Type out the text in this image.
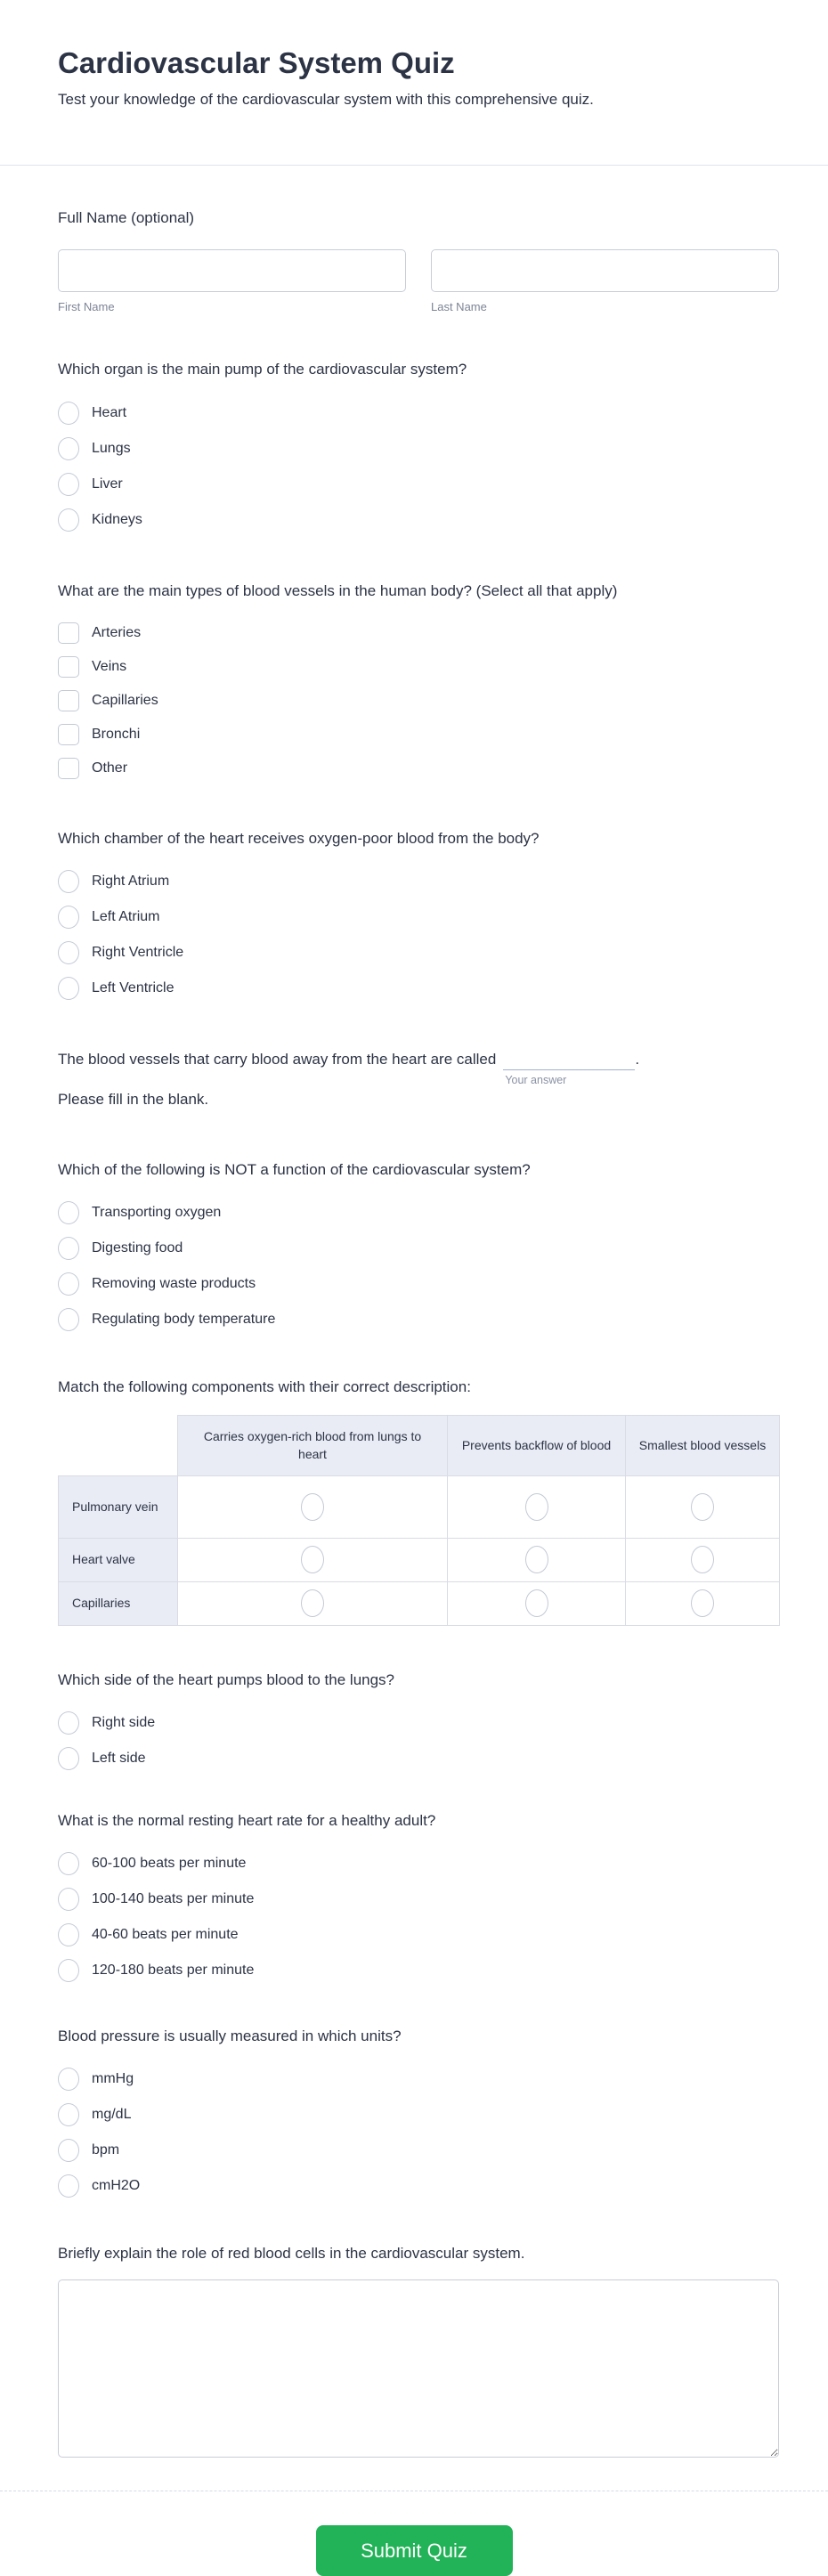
Cardiovascular System Quiz
Test your knowledge of the cardiovascular system with this comprehensive quiz.
Full Name (optional)
First Name	Last Name
Which organ is the main pump of the cardiovascular system?
Heart
Lungs
Liver
Kidneys
What are the main types of blood vessels in the human body? (Select all that apply)
Arteries
Veins
Capillaries
Bronchi
Other
Which chamber of the heart receives oxygen-poor blood from the body?
Right Atrium
Left Atrium
Right Ventricle
Left Ventricle

The blood vessels that carry blood away from the heart are called
Your answer
.
Please fill in the blank.

Which of the following is NOT a function of the cardiovascular system?
Transporting oxygen
Digesting food
Removing waste products
Regulating body temperature
Match the following components with their correct description:
	Carries oxygen-rich blood from lungs to heart	Prevents backflow of blood	Smallest blood vessels
Pulmonary vein			
Heart valve			
Capillaries			
Which side of the heart pumps blood to the lungs?
Right side
Left side
What is the normal resting heart rate for a healthy adult?
60-100 beats per minute
100-140 beats per minute
40-60 beats per minute
120-180 beats per minute
Blood pressure is usually measured in which units?
mmHg
mg/dL
bpm
cmH2O
Briefly explain the role of red blood cells in the cardiovascular system.
Submit Quiz
